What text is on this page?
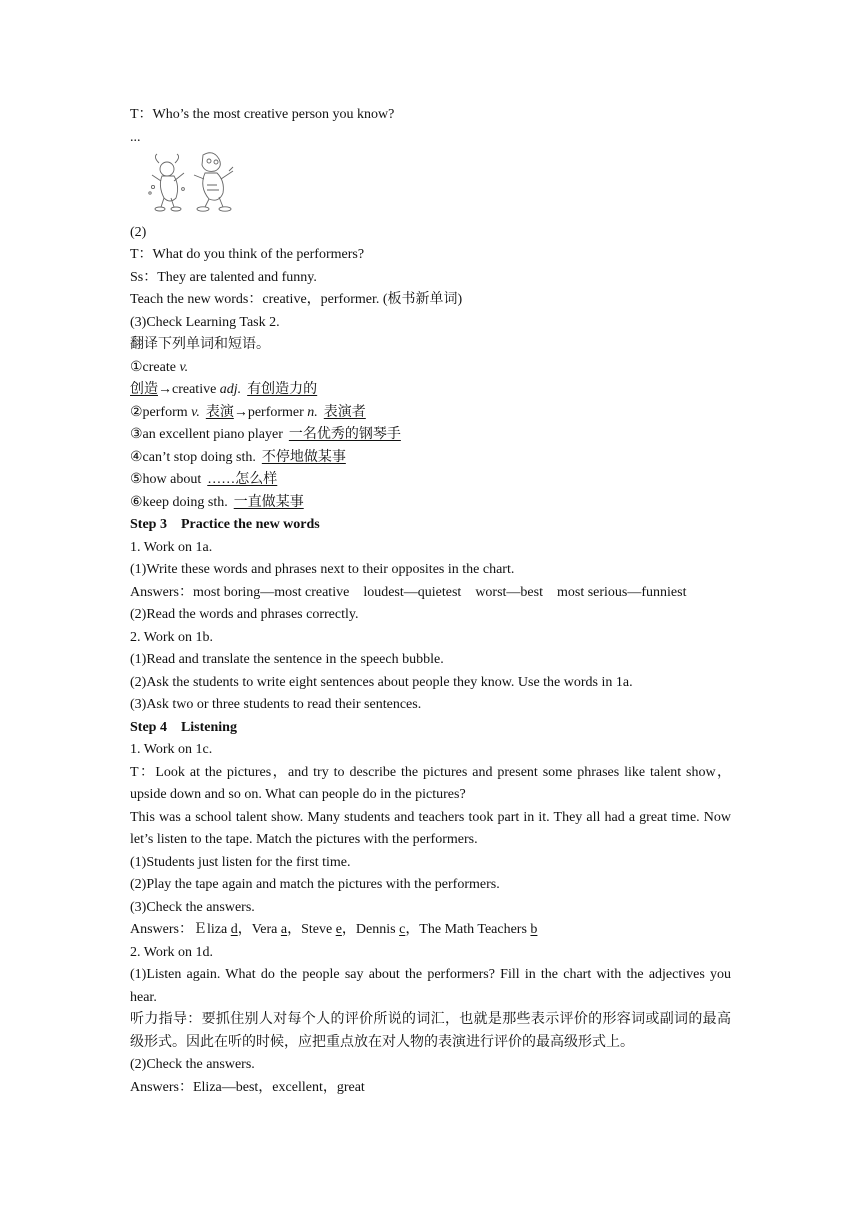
T：Who’s the most creative person you know?
...
(2)
T：What do you think of the performers?
Ss：They are talented and funny.
Teach the new words：creative，performer. (板书新单词)
(3)Check Learning Task 2.
翻译下列单词和短语。
①create v.
创造→creative adj. 有创造力的
②perform v. 表演→performer n. 表演者
③an excellent piano player 一名优秀的钢琴手
④can’t stop doing sth. 不停地做某事
⑤how about ……怎么样
⑥keep doing sth. 一直做某事
Step 3　Practice the new words
1. Work on 1a.
(1)Write these words and phrases next to their opposites in the chart.
Answers：most boring—most creative loudest—quietest worst—best most serious—funniest
(2)Read the words and phrases correctly.
2. Work on 1b.
(1)Read and translate the sentence in the speech bubble.
(2)Ask the students to write eight sentences about people they know. Use the words in 1a.
(3)Ask two or three students to read their sentences.
Step 4　Listening
1. Work on 1c.
T：Look at the pictures，and try to describe the pictures and present some phrases like talent show，upside down and so on. What can people do in the pictures?
This was a school talent show. Many students and teachers took part in it. They all had a great time. Now let’s listen to the tape. Match the pictures with the performers.
(1)Students just listen for the first time.
(2)Play the tape again and match the pictures with the performers.
(3)Check the answers.
Answers：Ｅliza d，Vera a，Steve e，Dennis c，The Math Teachers b
2. Work on 1d.
(1)Listen again. What do the people say about the performers? Fill in the chart with the adjectives you hear.
听力指导：要抓住别人对每个人的评价所说的词汇，也就是那些表示评价的形容词或副词的最高级形式。因此在听的时候，应把重点放在对人物的表演进行评价的最高级形式上。
(2)Check the answers.
Answers：Eliza—best，excellent，great
